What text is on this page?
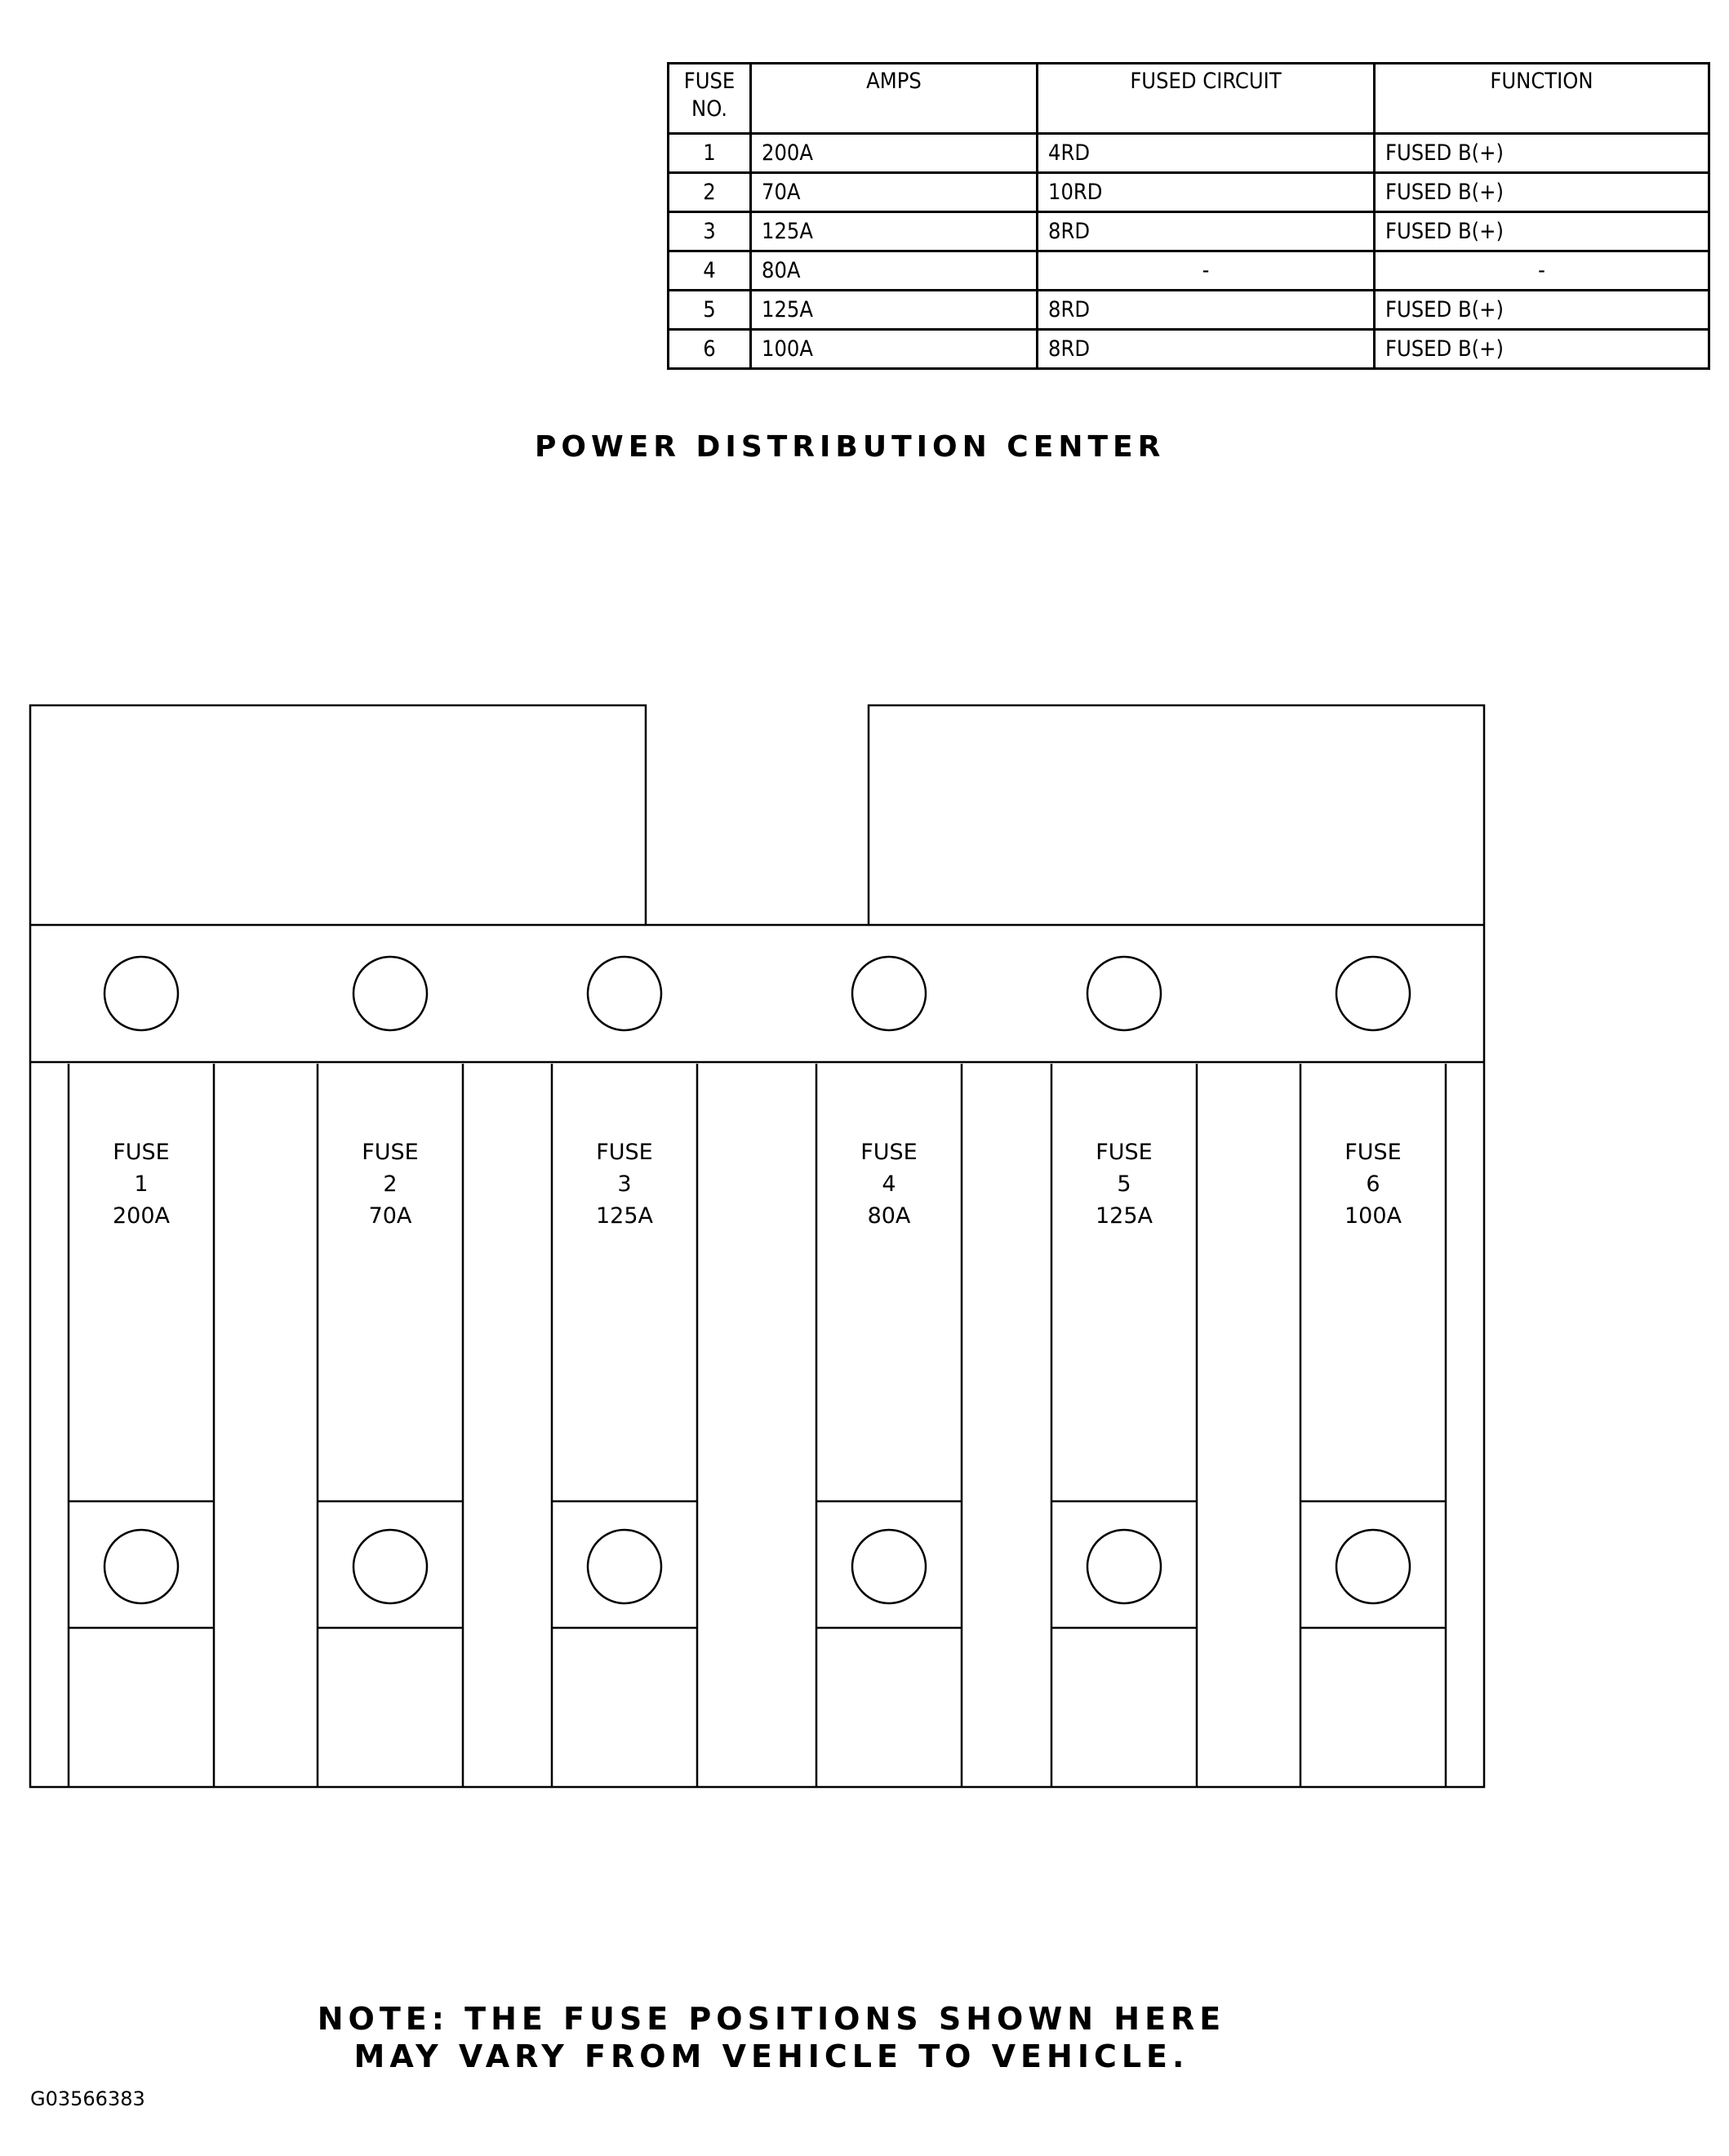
FUSE
NO.	AMPS	FUSED CIRCUIT	FUNCTION
1	200A	4RD	FUSED B(+)
2	70A	10RD	FUSED B(+)
3	125A	8RD	FUSED B(+)
4	80A	-	-
5	125A	8RD	FUSED B(+)
6	100A	8RD	FUSED B(+)
POWER DISTRIBUTION CENTER
FUSE
1
200A
FUSE
2
70A
FUSE
3
125A
FUSE
4
80A
FUSE
5
125A
FUSE
6
100A
NOTE: THE FUSE POSITIONS SHOWN HERE
MAY VARY FROM VEHICLE TO VEHICLE.
G03566383
